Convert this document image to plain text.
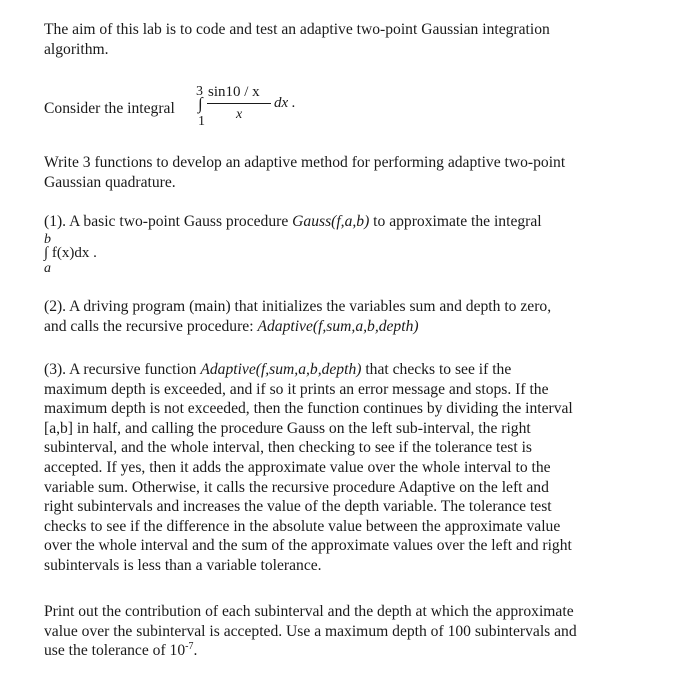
The aim of this lab is to code and test an adaptive two-point Gaussian integration
algorithm.
Consider the integral
3
∫
1
sin10 / x
x
dx .
Write 3 functions to develop an adaptive method for performing adaptive two-point
Gaussian quadrature.
(1). A basic two-point Gauss procedure Gauss(f,a,b) to approximate the integral
b
∫ f(x)dx .
a
(2). A driving program (main) that initializes the variables sum and depth to zero,
and calls the recursive procedure: Adaptive(f,sum,a,b,depth)
(3). A recursive function Adaptive(f,sum,a,b,depth) that checks to see if the
maximum depth is exceeded, and if so it prints an error message and stops. If the
maximum depth is not exceeded, then the function continues by dividing the interval
[a,b] in half, and calling the procedure Gauss on the left sub-interval, the right
subinterval, and the whole interval, then checking to see if the tolerance test is
accepted. If yes, then it adds the approximate value over the whole interval to the
variable sum. Otherwise, it calls the recursive procedure Adaptive on the left and
right subintervals and increases the value of the depth variable. The tolerance test
checks to see if the difference in the absolute value between the approximate value
over the whole interval and the sum of the approximate values over the left and right
subintervals is less than a variable tolerance.
Print out the contribution of each subinterval and the depth at which the approximate
value over the subinterval is accepted. Use a maximum depth of 100 subintervals and
use the tolerance of $10^{-7}$.
